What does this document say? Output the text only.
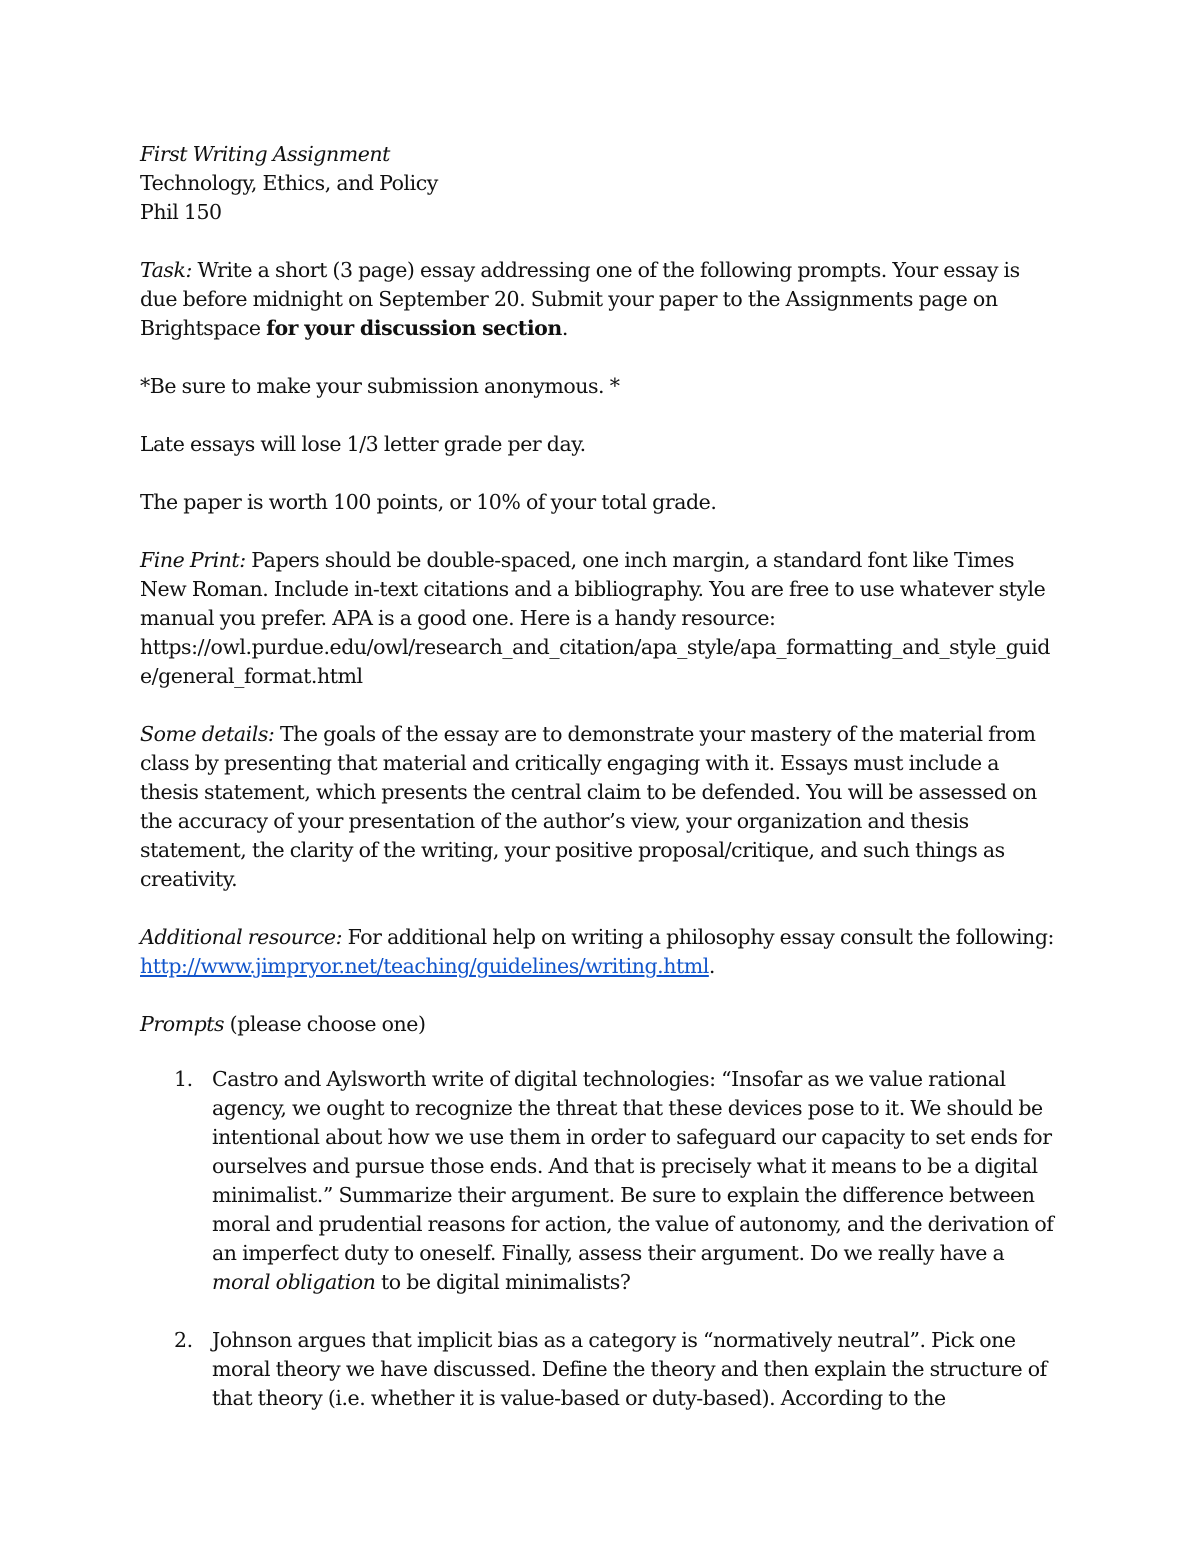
First Writing Assignment

Technology, Ethics, and Policy

Phil 150

Task: Write a short (3 page) essay addressing one of the following prompts. Your essay is due before midnight on September 20. Submit your paper to the Assignments page on Brightspace for your discussion section.

*Be sure to make your submission anonymous. *

Late essays will lose 1/3 letter grade per day.

The paper is worth 100 points, or 10% of your total grade.

Fine Print: Papers should be double-spaced, one inch margin, a standard font like Times New Roman. Include in-text citations and a bibliography. You are free to use whatever style manual you prefer. APA is a good one. Here is a handy resource:
https://owl.purdue.edu/owl/research_and_citation/apa_style/apa_formatting_and_style_guide/general_format.html

Some details: The goals of the essay are to demonstrate your mastery of the material from class by presenting that material and critically engaging with it. Essays must include a thesis statement, which presents the central claim to be defended. You will be assessed on the accuracy of your presentation of the author’s view, your organization and thesis statement, the clarity of the writing, your positive proposal/critique, and such things as creativity.

Additional resource: For additional help on writing a philosophy essay consult the following: http://www.jimpryor.net/teaching/guidelines/writing.html.

Prompts (please choose one)

1. Castro and Aylsworth write of digital technologies: “Insofar as we value rational agency, we ought to recognize the threat that these devices pose to it. We should be intentional about how we use them in order to safeguard our capacity to set ends for ourselves and pursue those ends. And that is precisely what it means to be a digital minimalist.” Summarize their argument. Be sure to explain the difference between moral and prudential reasons for action, the value of autonomy, and the derivation of an imperfect duty to oneself. Finally, assess their argument. Do we really have a moral obligation to be digital minimalists?
2. Johnson argues that implicit bias as a category is “normatively neutral”. Pick one moral theory we have discussed. Define the theory and then explain the structure of that theory (i.e. whether it is value-based or duty-based). According to the
